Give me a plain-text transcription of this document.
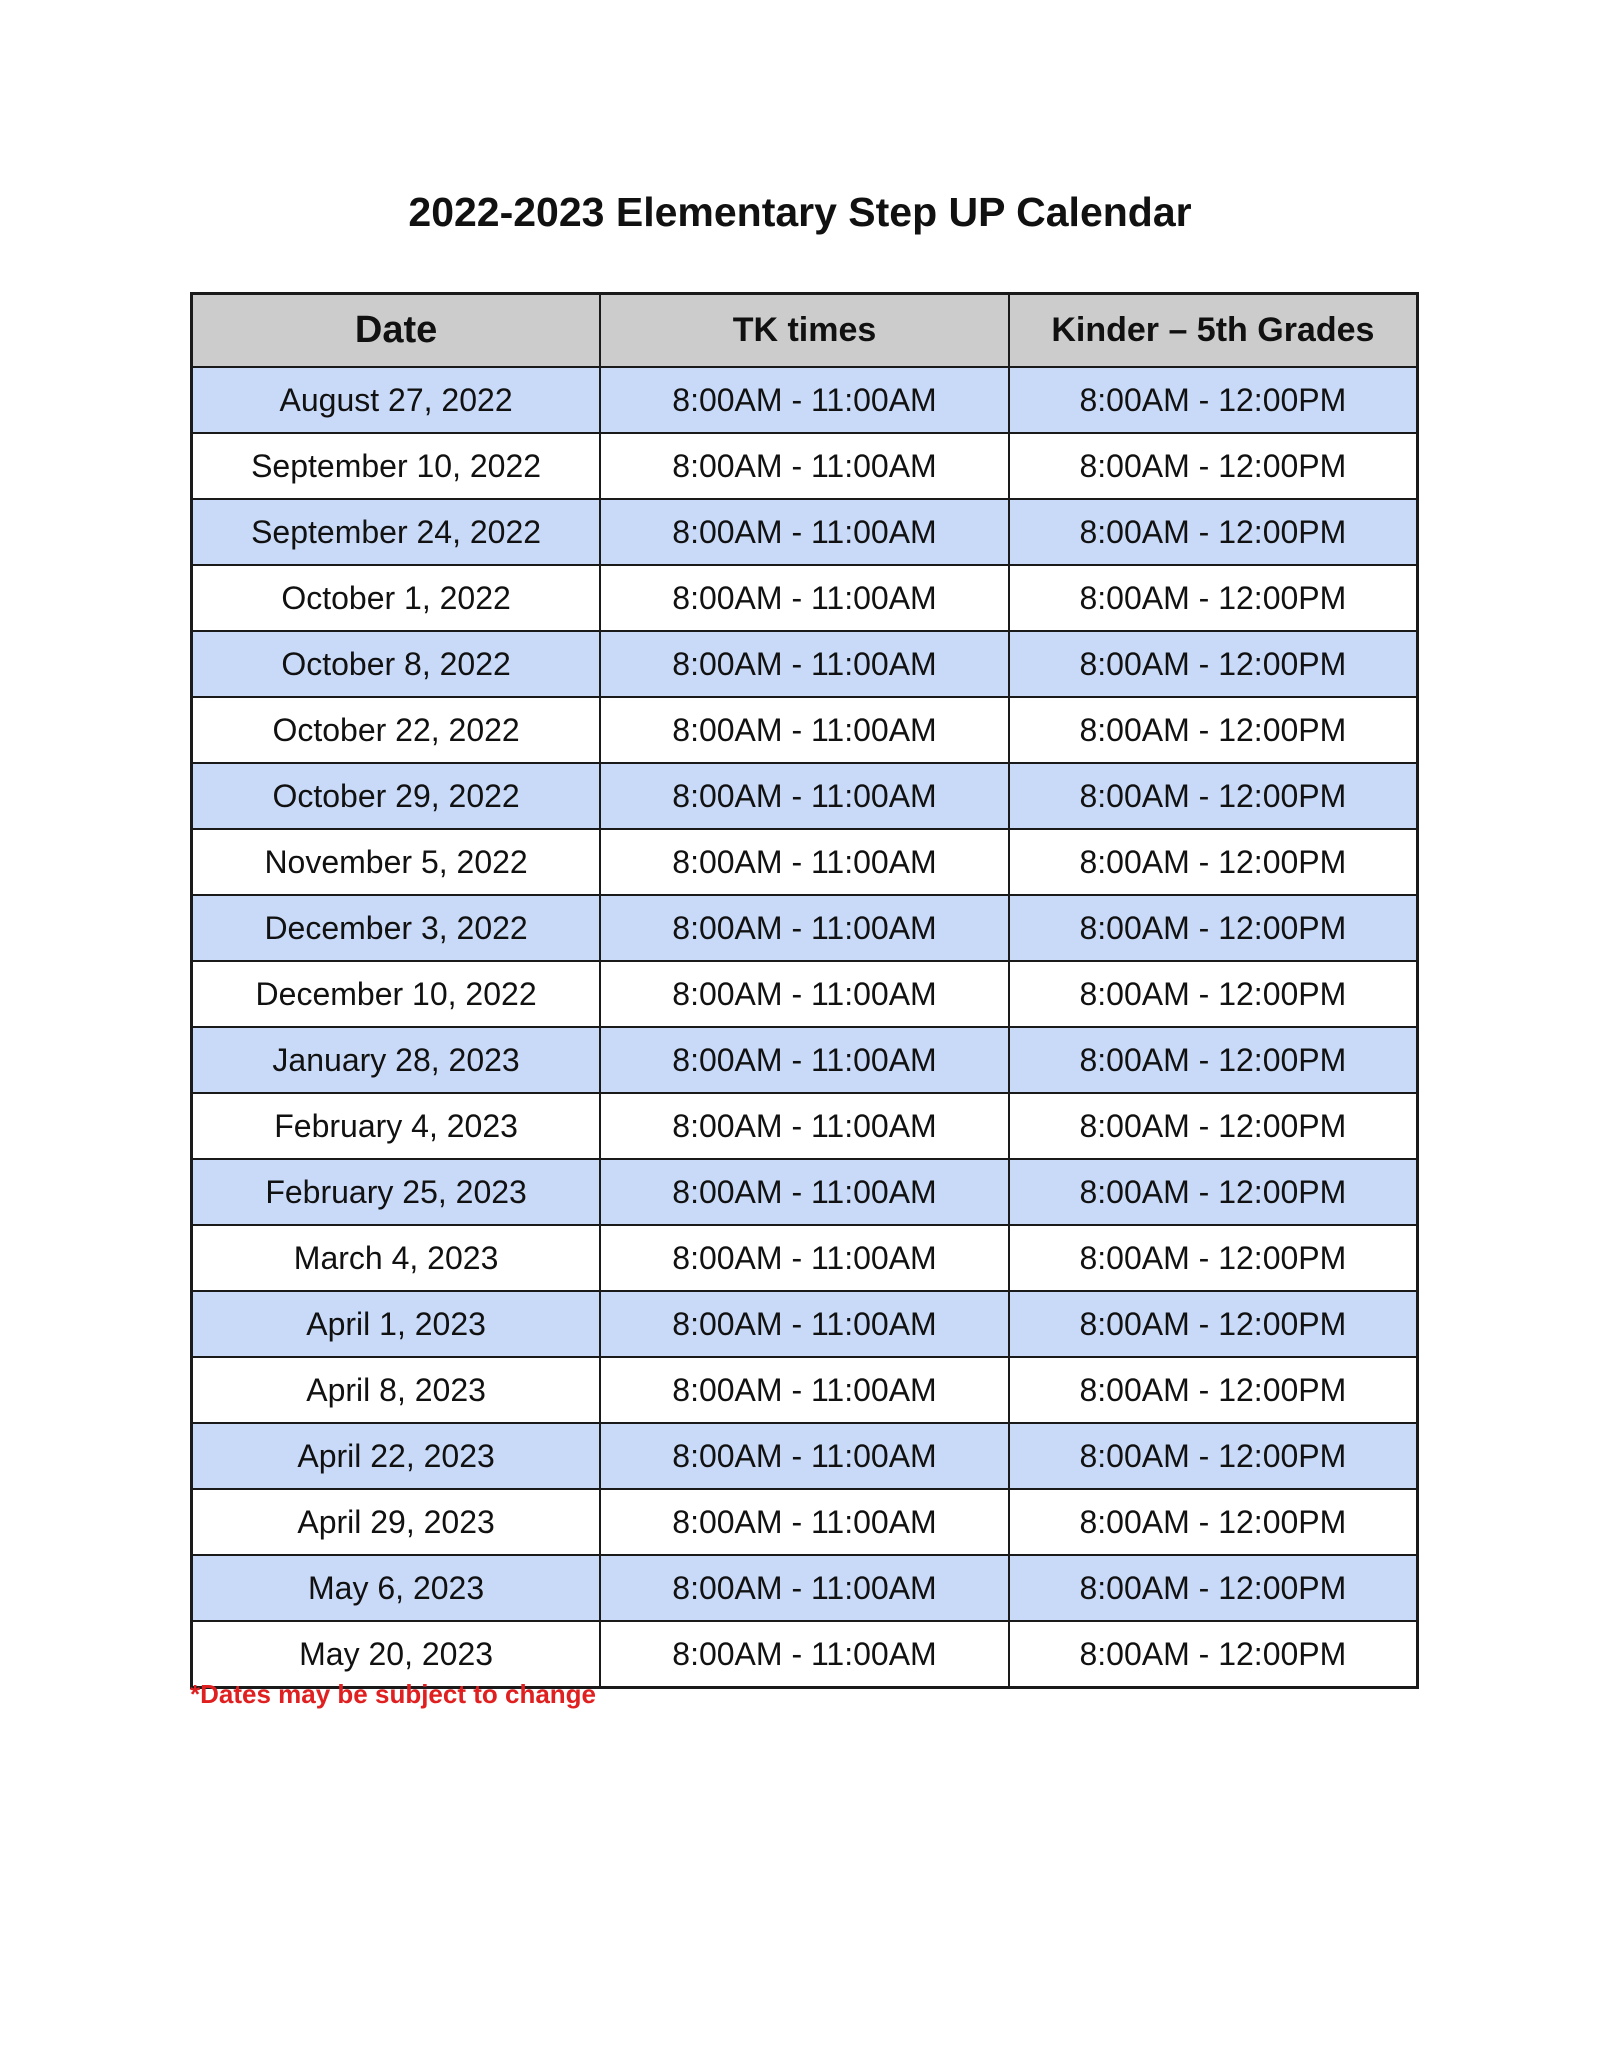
2022-2023 Elementary Step UP Calendar
Date	TK times	Kinder – 5th Grades
August 27, 2022	8:00AM - 11:00AM	8:00AM - 12:00PM
September 10, 2022	8:00AM - 11:00AM	8:00AM - 12:00PM
September 24, 2022	8:00AM - 11:00AM	8:00AM - 12:00PM
October 1, 2022	8:00AM - 11:00AM	8:00AM - 12:00PM
October 8, 2022	8:00AM - 11:00AM	8:00AM - 12:00PM
October 22, 2022	8:00AM - 11:00AM	8:00AM - 12:00PM
October 29, 2022	8:00AM - 11:00AM	8:00AM - 12:00PM
November 5, 2022	8:00AM - 11:00AM	8:00AM - 12:00PM
December 3, 2022	8:00AM - 11:00AM	8:00AM - 12:00PM
December 10, 2022	8:00AM - 11:00AM	8:00AM - 12:00PM
January 28, 2023	8:00AM - 11:00AM	8:00AM - 12:00PM
February 4, 2023	8:00AM - 11:00AM	8:00AM - 12:00PM
February 25, 2023	8:00AM - 11:00AM	8:00AM - 12:00PM
March 4, 2023	8:00AM - 11:00AM	8:00AM - 12:00PM
April 1, 2023	8:00AM - 11:00AM	8:00AM - 12:00PM
April 8, 2023	8:00AM - 11:00AM	8:00AM - 12:00PM
April 22, 2023	8:00AM - 11:00AM	8:00AM - 12:00PM
April 29, 2023	8:00AM - 11:00AM	8:00AM - 12:00PM
May 6, 2023	8:00AM - 11:00AM	8:00AM - 12:00PM
May 20, 2023	8:00AM - 11:00AM	8:00AM - 12:00PM

*Dates may be subject to change
